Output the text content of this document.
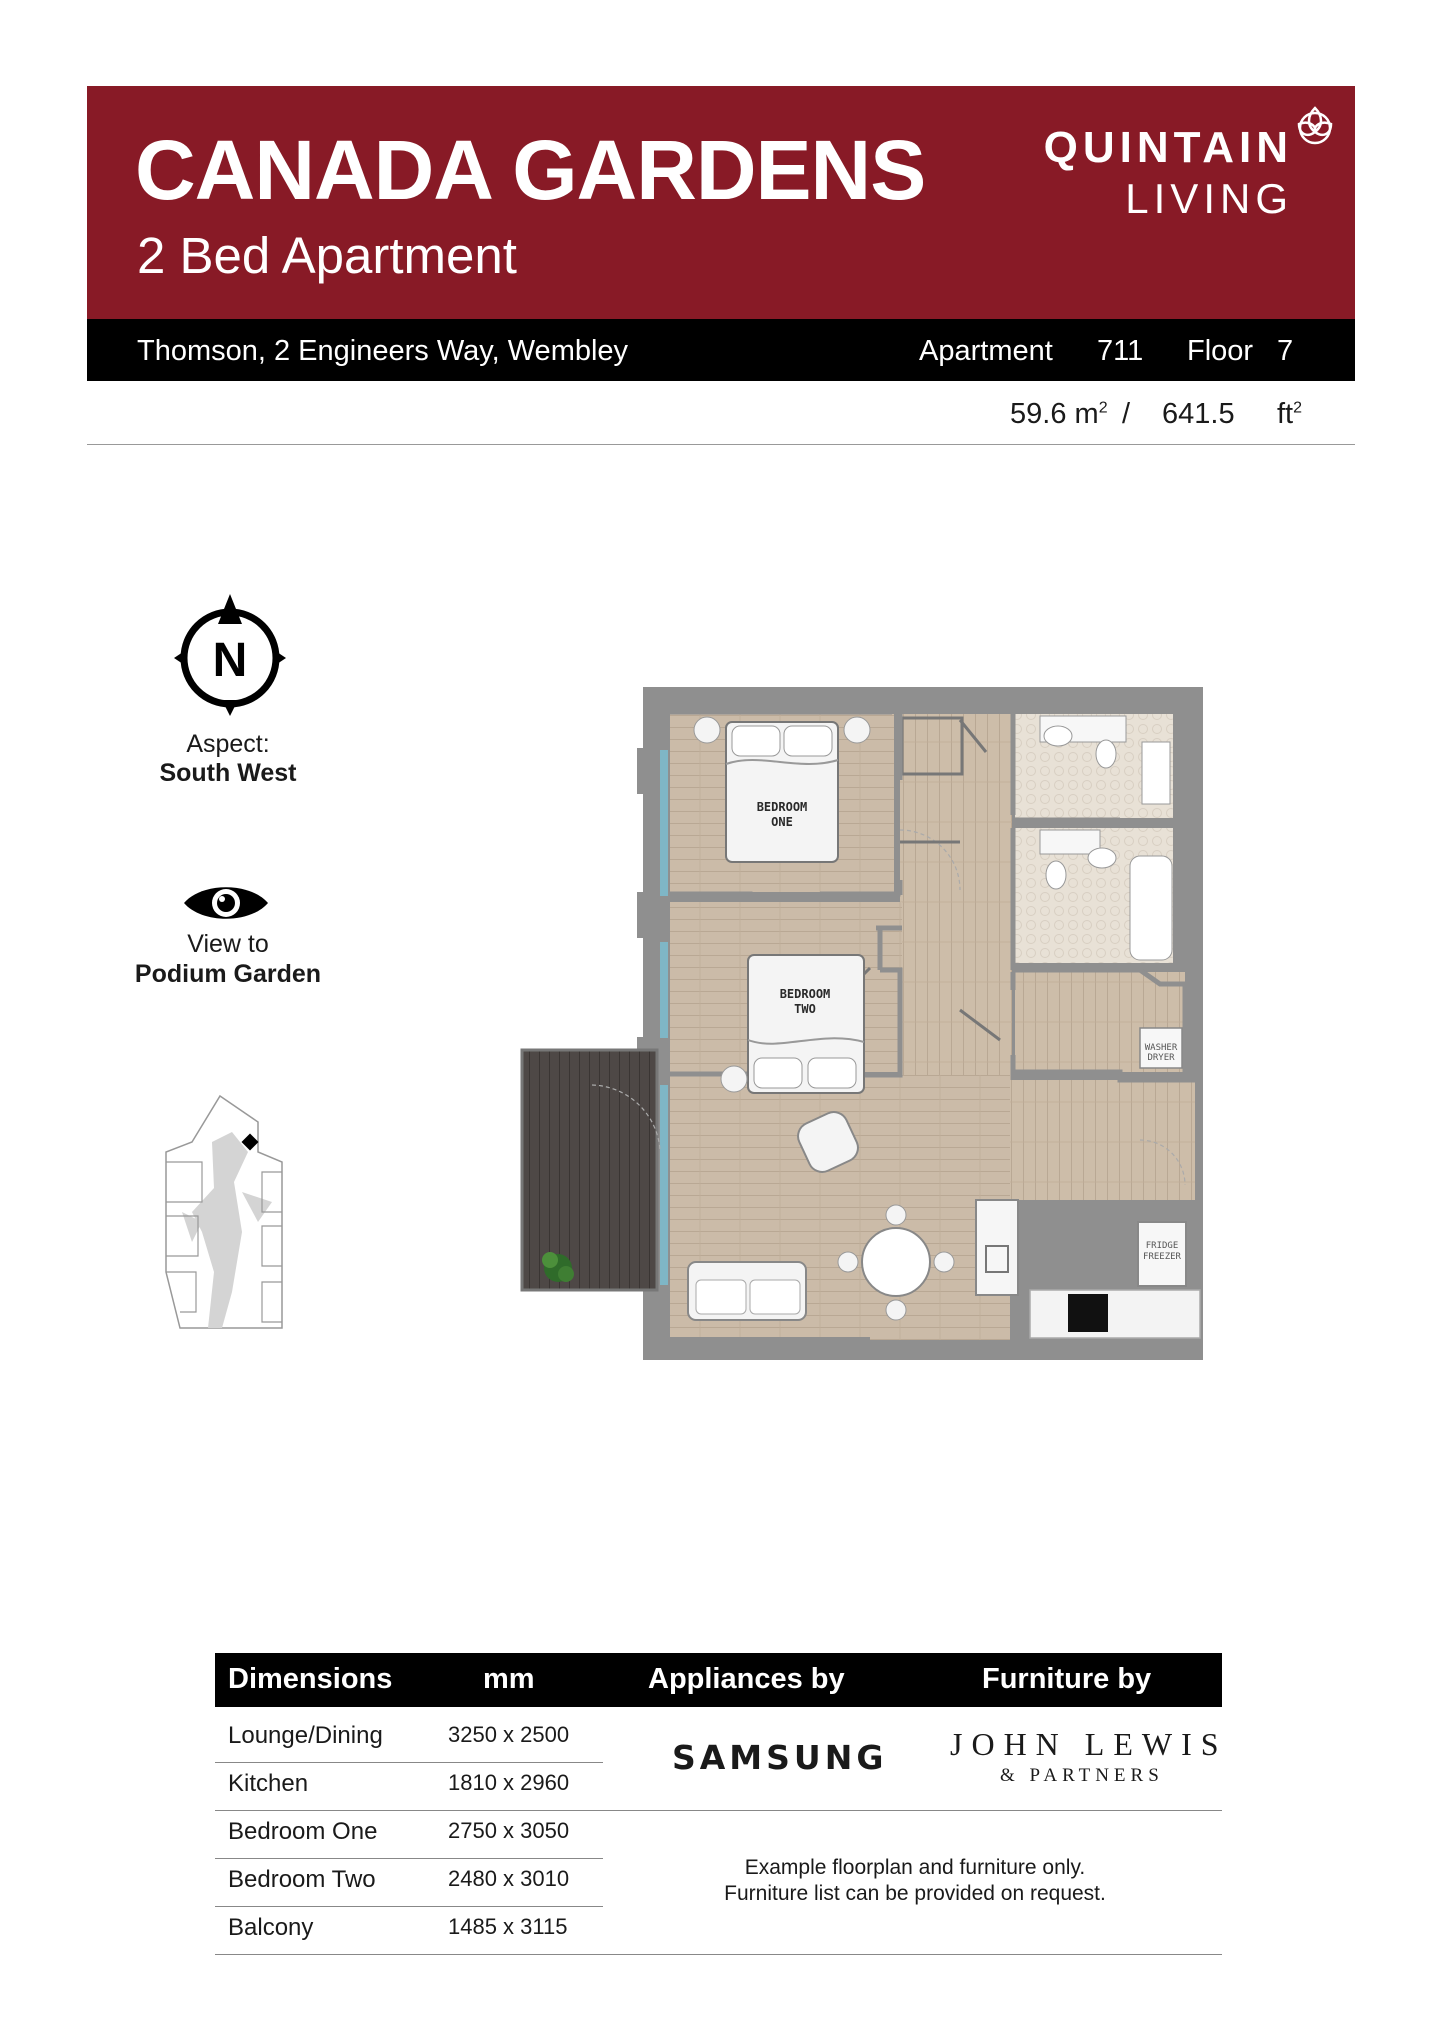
CANADA GARDENS
2 Bed Apartment
QUINTAIN
LIVING
Thomson, 2 Engineers Way, Wembley	Apartment 711 Floor 7
59.6 $m^2 / 641.5$ $ft^2$
N
Aspect:
South West
View to
Podium Garden
BEDROOM
ONE
BEDROOM
TWO
FRIDGE
FREEZER
WASHER
DRYER
Dimensions	mm	Appliances by	Furniture by
Lounge/Dining	3250 x 2500
Kitchen	1810 x 2960
Bedroom One	2750 x 3050
Bedroom Two	2480 x 3010
Balcony	1485 x 3115
SAMSUNG JOHN LEWIS
& PARTNERS
Example floorplan and furniture only.
Furniture list can be provided on request.
